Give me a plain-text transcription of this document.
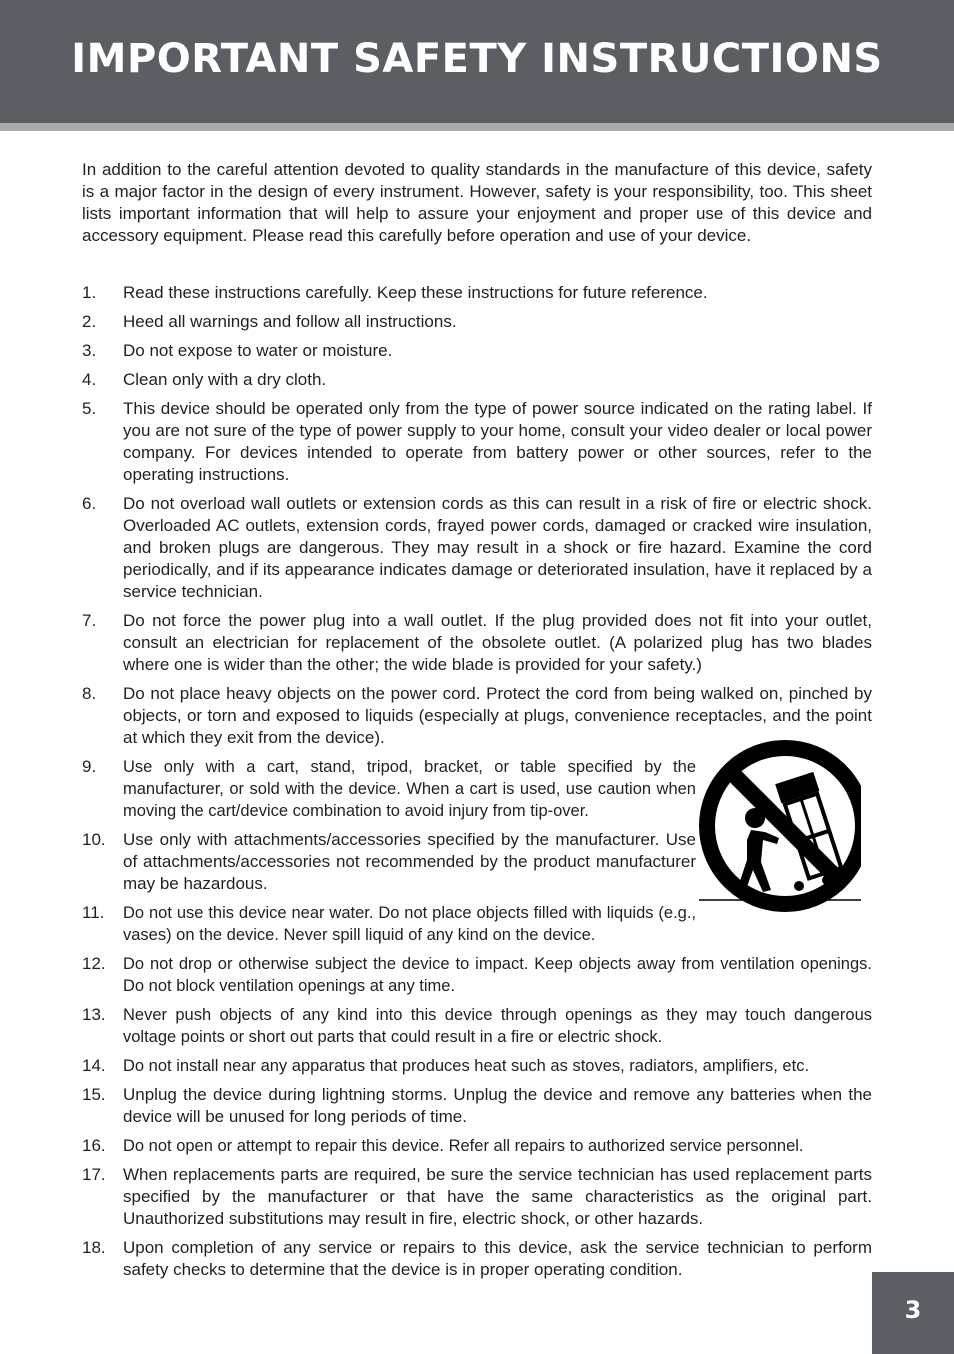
IMPORTANT SAFETY INSTRUCTIONS
In addition to the careful attention devoted to quality standards in the manufacture of this device, safety is a major factor in the design of every instrument. However, safety is your responsibility, too. This sheet lists important information that will help to assure your enjoyment and proper use of this device and accessory equipment. Please read this carefully before operation and use of your device.
1.	Read these instructions carefully. Keep these instructions for future reference.
2.	Heed all warnings and follow all instructions.
3.	Do not expose to water or moisture.
4.	Clean only with a dry cloth.
5.	This device should be operated only from the type of power source indicated on the rating label. If you are not sure of the type of power supply to your home, consult your video dealer or local power company. For devices intended to operate from battery power or other sources, refer to the operating instructions.
6.	Do not overload wall outlets or extension cords as this can result in a risk of fire or electric shock. Overloaded AC outlets, extension cords, frayed power cords, damaged or cracked wire insulation, and broken plugs are dangerous. They may result in a shock or fire hazard. Examine the cord periodically, and if its appearance indicates damage or deteriorated insulation, have it replaced by a service technician.
7.	Do not force the power plug into a wall outlet. If the plug provided does not fit into your outlet, consult an electrician for replacement of the obsolete outlet. (A polarized plug has two blades where one is wider than the other; the wide blade is provided for your safety.)
8.	Do not place heavy objects on the power cord. Protect the cord from being walked on, pinched by objects, or torn and exposed to liquids (especially at plugs, convenience receptacles, and the point at which they exit from the device).
9.	Use only with a cart, stand, tripod, bracket, or table specified by the manufacturer, or sold with the device. When a cart is used, use caution when moving the cart/device combination to avoid injury from tip-over.
10.	Use only with attachments/accessories specified by the manufacturer. Use of attachments/accessories not recommended by the product manufacturer may be hazardous.
11.	Do not use this device near water. Do not place objects filled with liquids (e.g., vases) on the device. Never spill liquid of any kind on the device.
12.	Do not drop or otherwise subject the device to impact. Keep objects away from ventilation openings. Do not block ventilation openings at any time.
13.	Never push objects of any kind into this device through openings as they may touch dangerous voltage points or short out parts that could result in a fire or electric shock.
14.	Do not install near any apparatus that produces heat such as stoves, radiators, amplifiers, etc.
15.	Unplug the device during lightning storms. Unplug the device and remove any batteries when the device will be unused for long periods of time.
16.	Do not open or attempt to repair this device. Refer all repairs to authorized service personnel.
17.	When replacements parts are required, be sure the service technician has used replacement parts specified by the manufacturer or that have the same characteristics as the original part. Unauthorized substitutions may result in fire, electric shock, or other hazards.
18.	Upon completion of any service or repairs to this device, ask the service technician to perform safety checks to determine that the device is in proper operating condition.
3
